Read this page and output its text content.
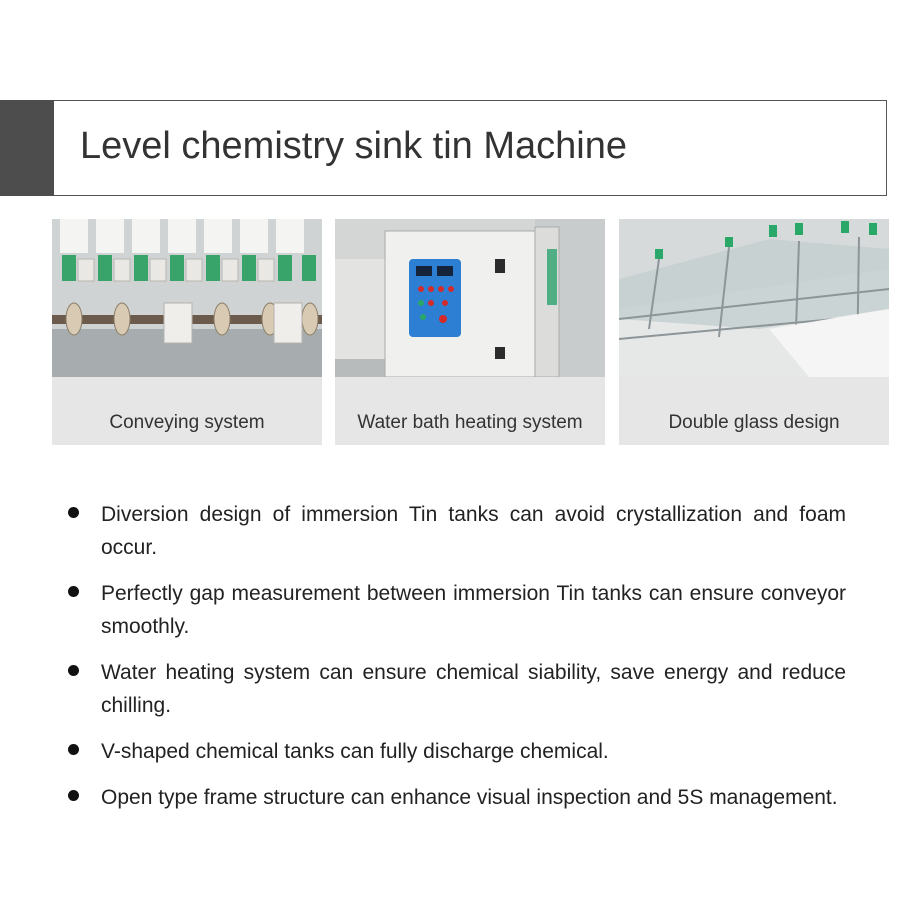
Level chemistry sink tin Machine
Conveying system	Water bath heating system	Double glass design
Diversion design of immersion Tin tanks can avoid crystallization and foam occur.
Perfectly gap measurement between immersion Tin tanks can ensure conveyor smoothly.
Water heating system can ensure chemical siability, save energy and reduce chilling.
V-shaped chemical tanks can fully discharge chemical.
Open type frame structure can enhance visual inspection and 5S management.
